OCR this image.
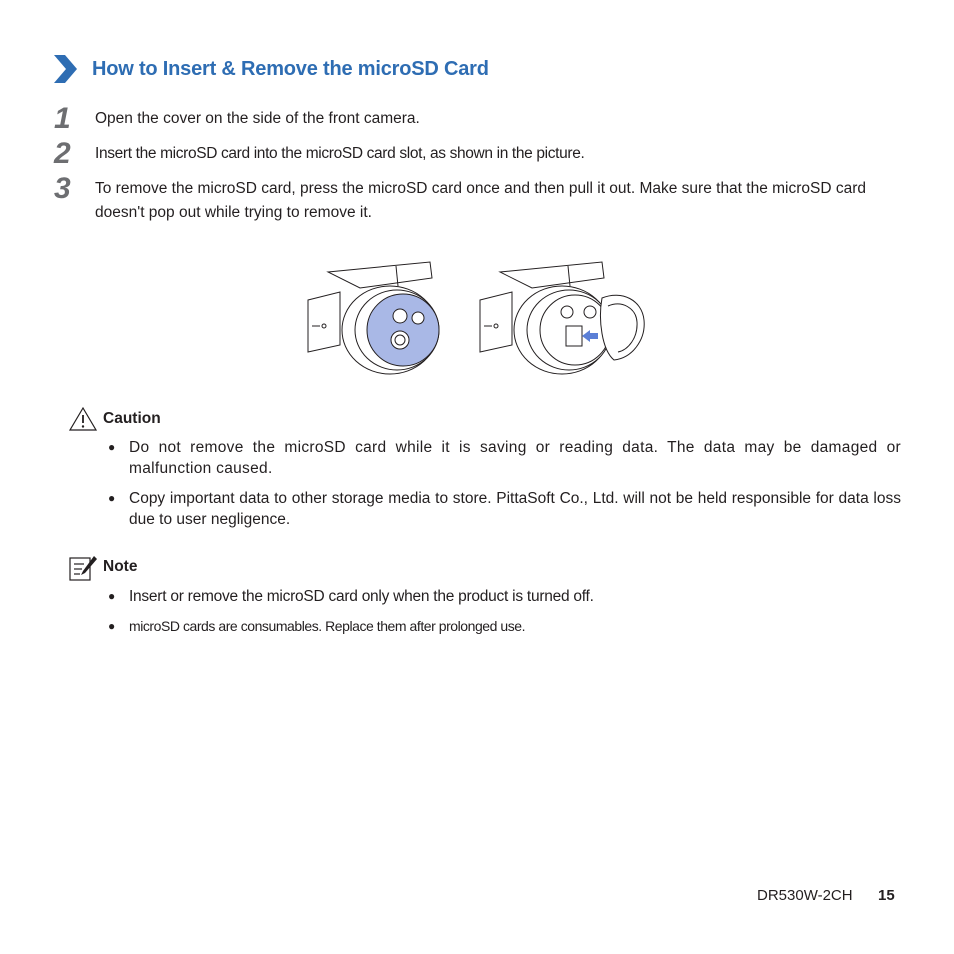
How to Insert & Remove the microSD Card
1 Open the cover on the side of the front camera.
2 Insert the microSD card into the microSD card slot, as shown in the picture.
3 To remove the microSD card, press the microSD card once and then pull it out. Make sure that the microSD card doesn't pop out while trying to remove it.
Caution
● Do not remove the microSD card while it is saving or reading data. The data may be damaged or malfunction caused.
● Copy important data to other storage media to store. PittaSoft Co., Ltd. will not be held responsible for data loss due to user negligence.
Note
● Insert or remove the microSD card only when the product is turned off.
● microSD cards are consumables. Replace them after prolonged use.
DR530W-2CH 15
